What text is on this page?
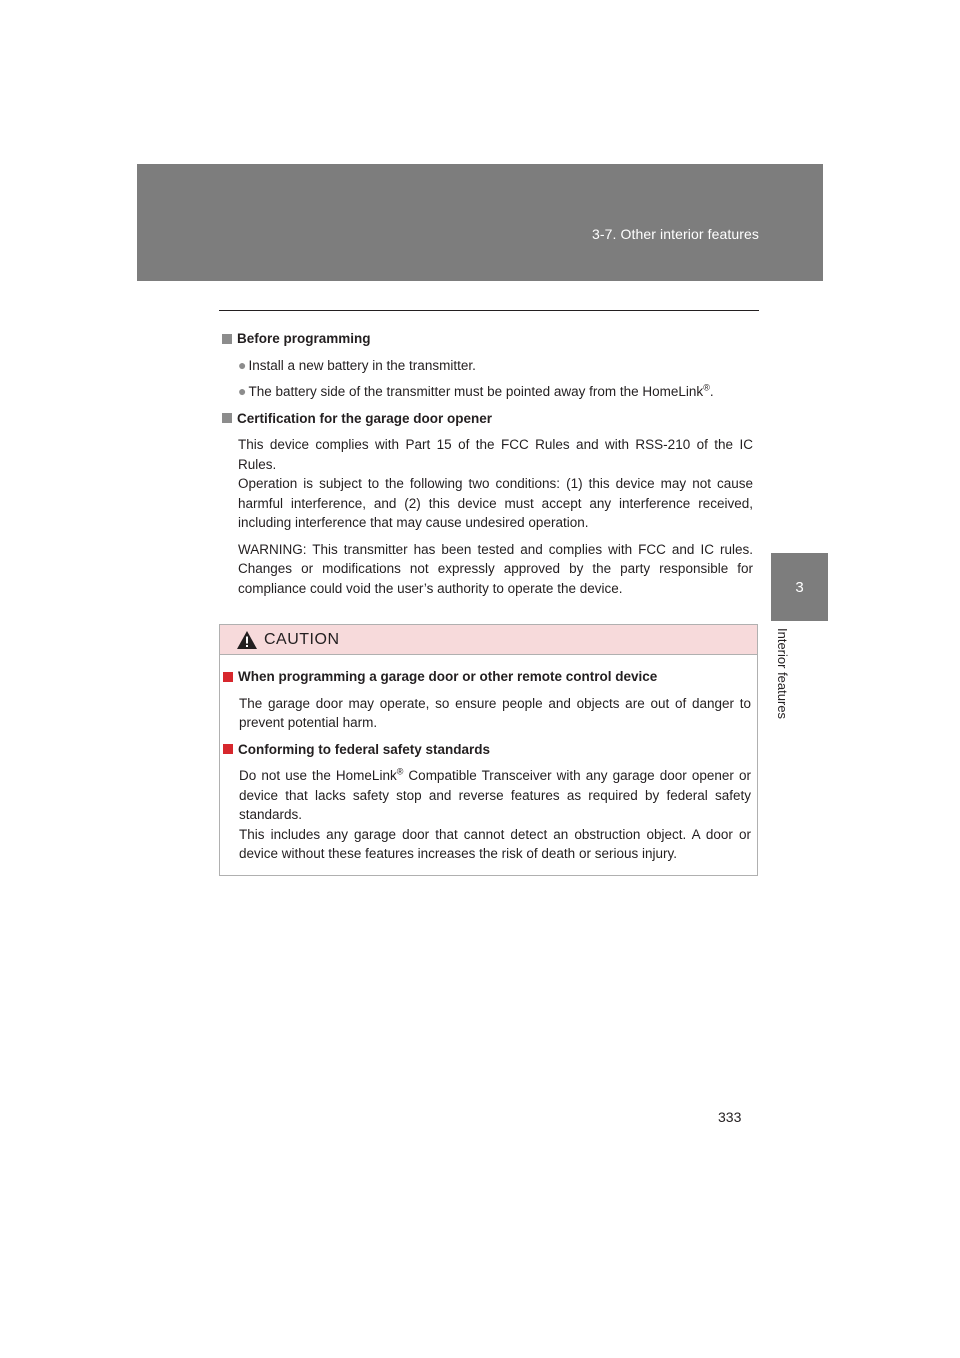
3-7. Other interior features
3
Interior features
Before programming
● Install a new battery in the transmitter.
● The battery side of the transmitter must be pointed away from the HomeLink®.
Certification for the garage door opener
This device complies with Part 15 of the FCC Rules and with RSS-210 of the IC Rules.
Operation is subject to the following two conditions: (1) this device may not cause harmful interference, and (2) this device must accept any interference received, including interference that may cause undesired operation.
WARNING: This transmitter has been tested and complies with FCC and IC rules. Changes or modifications not expressly approved by the party responsible for compliance could void the user’s authority to operate the device.
CAUTION
When programming a garage door or other remote control device
The garage door may operate, so ensure people and objects are out of danger to prevent potential harm.
Conforming to federal safety standards
Do not use the HomeLink® Compatible Transceiver with any garage door opener or device that lacks safety stop and reverse features as required by federal safety standards.
This includes any garage door that cannot detect an obstruction object. A door or device without these features increases the risk of death or serious injury.
333
